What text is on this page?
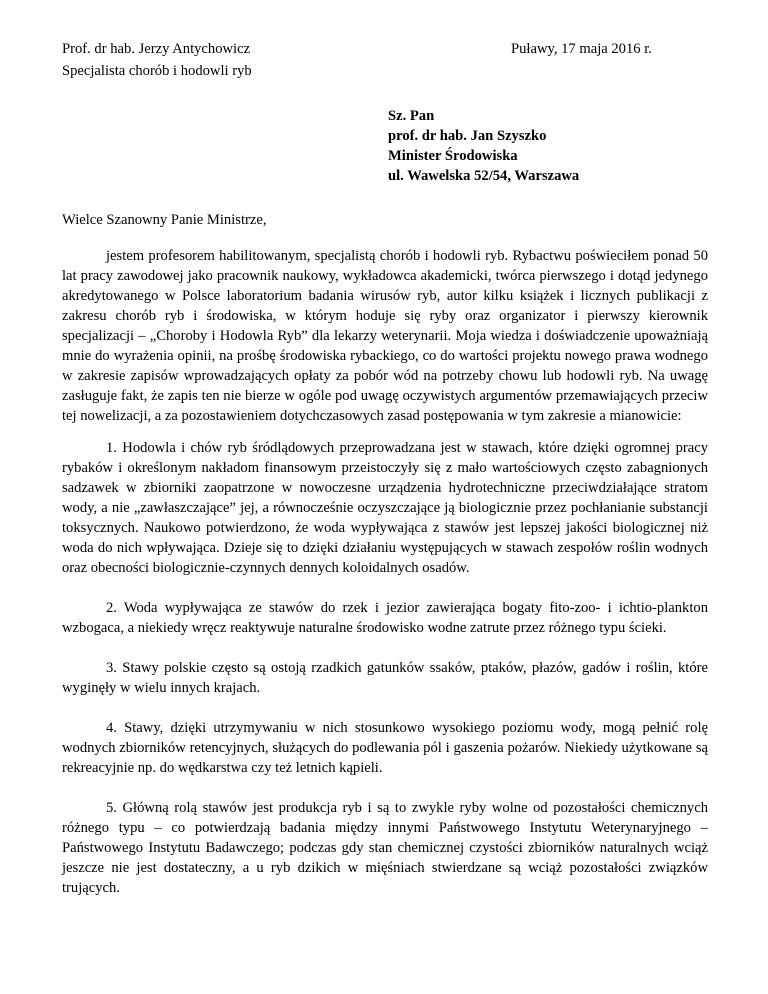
Prof. dr hab. Jerzy Antychowicz
Specjalista chorób i hodowli ryb
Puławy, 17 maja 2016 r.
Sz. Pan
prof. dr hab. Jan Szyszko
Minister Środowiska
ul. Wawelska 52/54, Warszawa
Wielce Szanowny Panie Ministrze,

jestem profesorem habilitowanym, specjalistą chorób i hodowli ryb. Rybactwu poświeciłem ponad 50 lat pracy zawodowej jako pracownik naukowy, wykładowca akademicki, twórca pierwszego i dotąd jedynego akredytowanego w Polsce laboratorium badania wirusów ryb, autor kilku książek i licznych publikacji z zakresu chorób ryb i środowiska, w którym hoduje się ryby oraz organizator i pierwszy kierownik specjalizacji – „Choroby i Hodowla Ryb” dla lekarzy weterynarii. Moja wiedza i doświadczenie upoważniają mnie do wyrażenia opinii, na prośbę środowiska rybackiego, co do wartości projektu nowego prawa wodnego w zakresie zapisów wprowadzających opłaty za pobór wód na potrzeby chowu lub hodowli ryb. Na uwagę zasługuje fakt, że zapis ten nie bierze w ogóle pod uwagę oczywistych argumentów przemawiających przeciw tej nowelizacji, a za pozostawieniem dotychczasowych zasad postępowania w tym zakresie a mianowicie:

1. Hodowla i chów ryb śródlądowych przeprowadzana jest w stawach, które dzięki ogromnej pracy rybaków i określonym nakładom finansowym przeistoczyły się z mało wartościowych często zabagnionych sadzawek w zbiorniki zaopatrzone w nowoczesne urządzenia hydrotechniczne przeciwdziałające stratom wody, a nie „zawłaszczające” jej, a równocześnie oczyszczające ją biologicznie przez pochłanianie substancji toksycznych. Naukowo potwierdzono, że woda wypływająca z stawów jest lepszej jakości biologicznej niż woda do nich wpływająca. Dzieje się to dzięki działaniu występujących w stawach zespołów roślin wodnych oraz obecności biologicznie-czynnych dennych koloidalnych osadów.

2. Woda wypływająca ze stawów do rzek i jezior zawierająca bogaty fito-zoo- i ichtio-plankton wzbogaca, a niekiedy wręcz reaktywuje naturalne środowisko wodne zatrute przez różnego typu ścieki.

3. Stawy polskie często są ostoją rzadkich gatunków ssaków, ptaków, płazów, gadów i roślin, które wyginęły w wielu innych krajach.

4. Stawy, dzięki utrzymywaniu w nich stosunkowo wysokiego poziomu wody, mogą pełnić rolę wodnych zbiorników retencyjnych, służących do podlewania pól i gaszenia pożarów. Niekiedy użytkowane są rekreacyjnie np. do wędkarstwa czy też letnich kąpieli.

5. Główną rolą stawów jest produkcja ryb i są to zwykle ryby wolne od pozostałości chemicznych różnego typu – co potwierdzają badania między innymi Państwowego Instytutu Weterynaryjnego – Państwowego Instytutu Badawczego; podczas gdy stan chemicznej czystości zbiorników naturalnych wciąż jeszcze nie jest dostateczny, a u ryb dzikich w mięśniach stwierdzane są wciąż pozostałości związków trujących.
